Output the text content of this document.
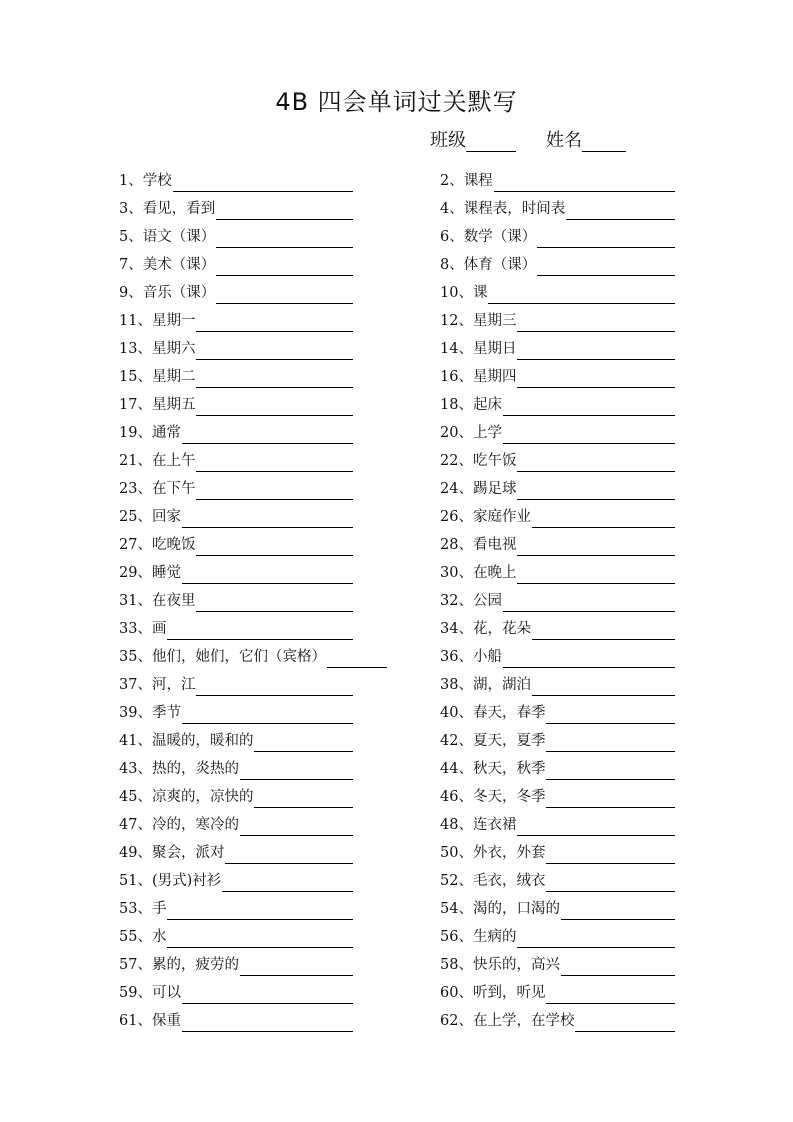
4B 四会单词过关默写
班级	姓名
1、学校
3、看见，看到
5、语文（课）
7、美术（课）
9、音乐（课）
11、星期一
13、星期六
15、星期二
17、星期五
19、通常
21、在上午
23、在下午
25、回家
27、吃晚饭
29、睡觉
31、在夜里
33、画
35、他们，她们，它们（宾格）
37、河，江
39、季节
41、温暖的，暖和的
43、热的，炎热的
45、凉爽的，凉快的
47、冷的，寒冷的
49、聚会，派对
51、(男式)衬衫
53、手
55、水
57、累的，疲劳的
59、可以
61、保重
2、课程
4、课程表，时间表
6、数学（课）
8、体育（课）
10、课
12、星期三
14、星期日
16、星期四
18、起床
20、上学
22、吃午饭
24、踢足球
26、家庭作业
28、看电视
30、在晚上
32、公园
34、花，花朵
36、小船
38、湖，湖泊
40、春天，春季
42、夏天，夏季
44、秋天，秋季
46、冬天，冬季
48、连衣裙
50、外衣，外套
52、毛衣，绒衣
54、渴的，口渴的
56、生病的
58、快乐的，高兴
60、听到，听见
62、在上学，在学校
